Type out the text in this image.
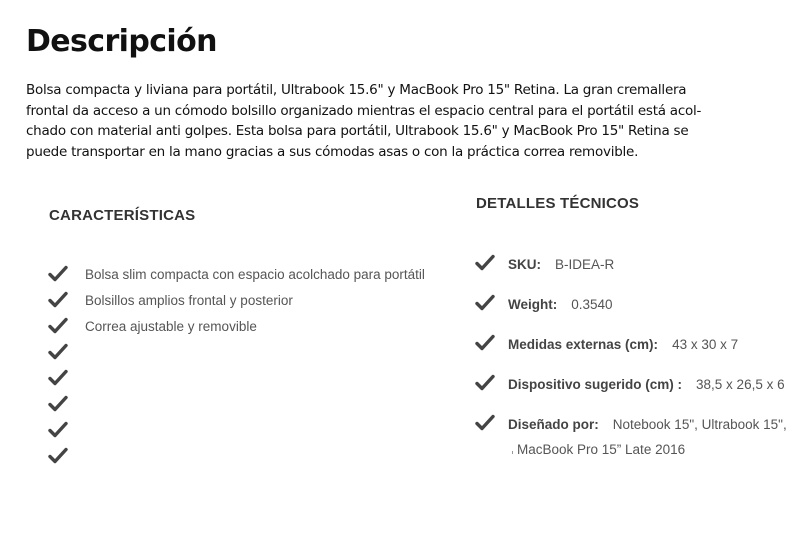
Descripción

Bolsa compacta y liviana para portátil, Ultrabook 15.6" y MacBook Pro 15" Retina. La gran cremallera
frontal da acceso a un cómodo bolsillo organizado mientras el espacio central para el portátil está acol-
chado con material anti golpes. Esta bolsa para portátil, Ultrabook 15.6" y MacBook Pro 15" Retina se
puede transportar en la mano gracias a sus cómodas asas o con la práctica correa removible.

CARACTERÍSTICAS
Bolsa slim compacta con espacio acolchado para portátil
Bolsillos amplios frontal y posterior
Correa ajustable y removible
DETALLES TÉCNICOS
SKU: B-IDEA-R
Weight: 0.3540
Medidas externas (cm): 43 x 30 x 7
Dispositivo sugerido (cm) : 38,5 x 26,5 x 6
Diseñado por: Notebook 15", Ultrabook 15",
MacBook Pro 15” Late 2016
